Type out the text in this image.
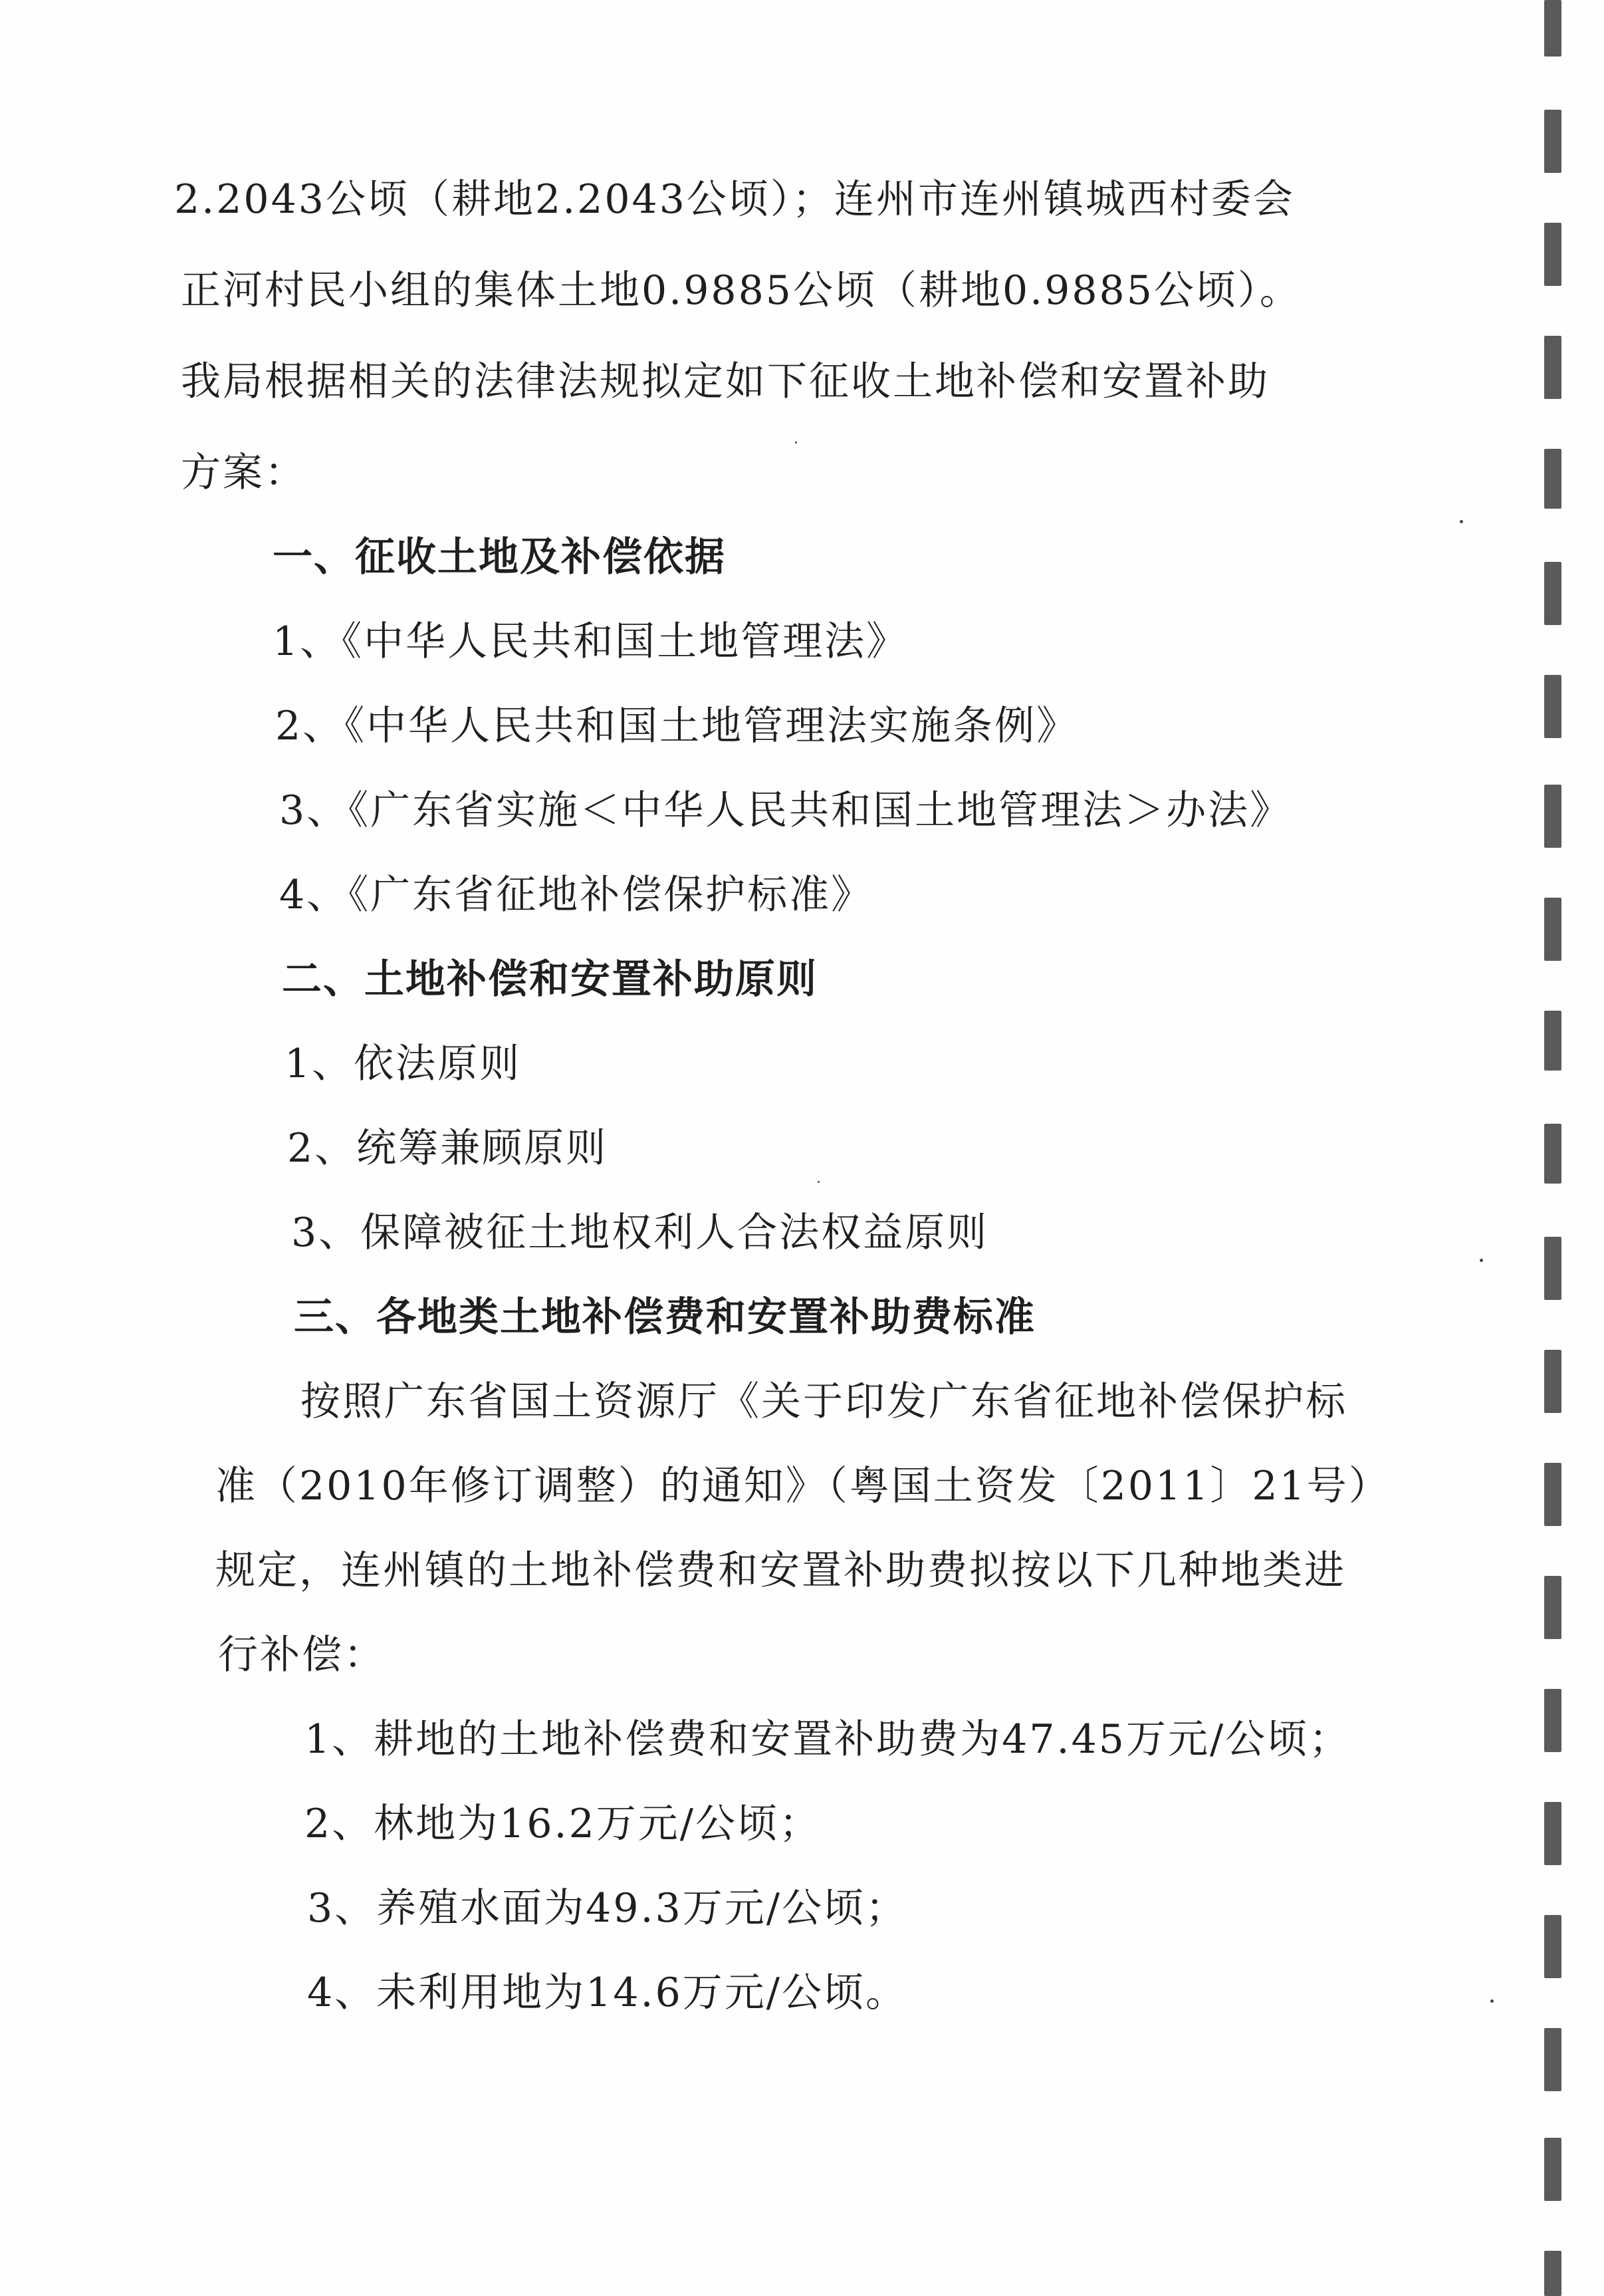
2.2043公顷（耕地2.2043公顷）；连州市连州镇城西村委会
正河村民小组的集体土地0.9885公顷（耕地0.9885公顷）。
我局根据相关的法律法规拟定如下征收土地补偿和安置补助
方案：
一、征收土地及补偿依据
1、《中华人民共和国土地管理法》
2、《中华人民共和国土地管理法实施条例》
3、《广东省实施＜中华人民共和国土地管理法＞办法》
4、《广东省征地补偿保护标准》
二、土地补偿和安置补助原则
1、依法原则
2、统筹兼顾原则
3、保障被征土地权利人合法权益原则
三、各地类土地补偿费和安置补助费标准
按照广东省国土资源厅《关于印发广东省征地补偿保护标
准（2010年修订调整）的通知》（粤国土资发〔2011〕21号）
规定，连州镇的土地补偿费和安置补助费拟按以下几种地类进
行补偿：
1、耕地的土地补偿费和安置补助费为47.45万元/公顷；
2、林地为16.2万元/公顷；
3、养殖水面为49.3万元/公顷；
4、未利用地为14.6万元/公顷。
